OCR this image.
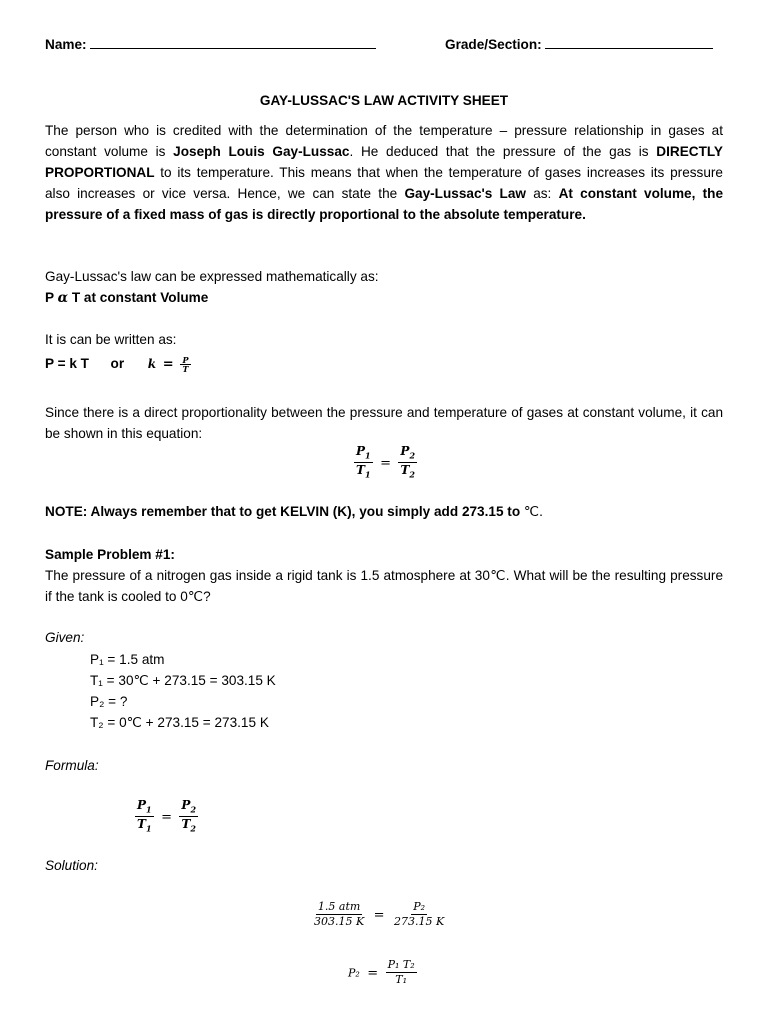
Name:	Grade/Section:
GAY-LUSSAC'S LAW ACTIVITY SHEET
The person who is credited with the determination of the temperature – pressure relationship in gases at constant volume is Joseph Louis Gay-Lussac. He deduced that the pressure of the gas is DIRECTLY PROPORTIONAL to its temperature. This means that when the temperature of gases increases its pressure also increases or vice versa. Hence, we can state the Gay-Lussac's Law as: At constant volume, the pressure of a fixed mass of gas is directly proportional to the absolute temperature.
Gay-Lussac's law can be expressed mathematically as:
P α T at constant Volume
It is can be written as:
P = k T or $k = \frac{P}{T}$
Since there is a direct proportionality between the pressure and temperature of gases at constant volume, it can be shown in this equation:
$\frac{P_1}{T_1} = \frac{P_2}{T_2}$
NOTE: Always remember that to get KELVIN (K), you simply add 273.15 to ℃.
Sample Problem #1:
The pressure of a nitrogen gas inside a rigid tank is 1.5 atmosphere at 30℃. What will be the resulting pressure if the tank is cooled to 0℃?
Given:
P₁ = 1.5 atm
T₁ = 30℃ + 273.15 = 303.15 K
P₂ = ?
T₂ = 0℃ + 273.15 = 273.15 K
Formula:
$\frac{P_1}{T_1} = \frac{P_2}{T_2}$
Solution:
$\frac{\text{1.5 atm}}{303.15 K} = \frac{\text{P₂}}{273.15 K}$
$P_2 = \frac{\text{P₁ T₂}}{\text{T₁}}$
